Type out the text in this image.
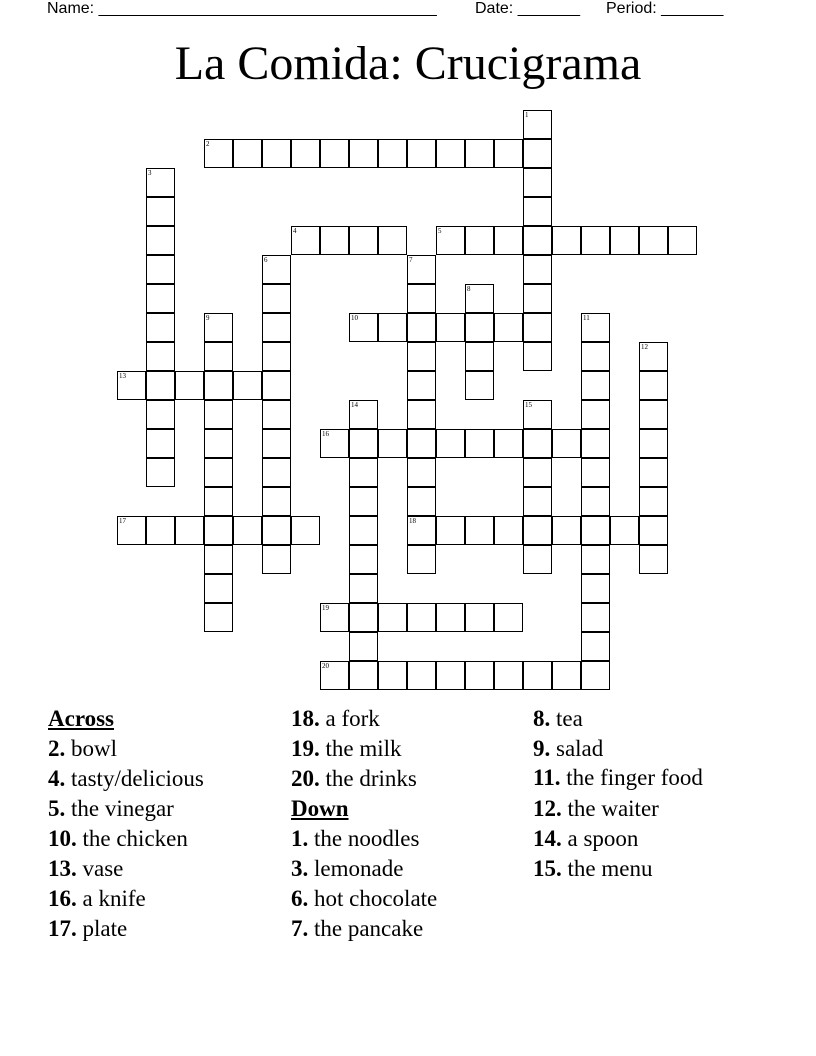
Name: ______________________________________ Date: _______ Period: _______
La Comida: Crucigrama
1
2
3
4	5
6	7
18
8
9	10	11
12
13
14	15
16
17
19
20
Across
2. bowl
4. tasty/delicious
5. the vinegar
10. the chicken
13. vase
16. a knife
17. plate
18. a fork
19. the milk
20. the drinks
Down
1. the noodles
3. lemonade
6. hot chocolate
7. the pancake
8. tea
9. salad
11. the finger food
12. the waiter
14. a spoon
15. the menu
